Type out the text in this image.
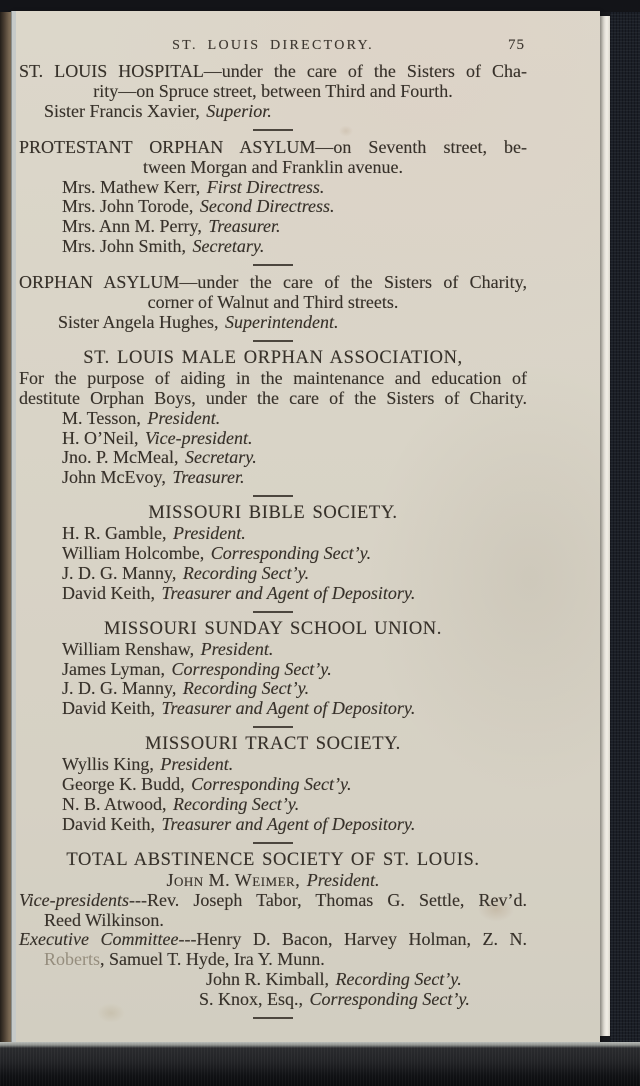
ST. LOUIS DIRECTORY.	75
ST. LOUIS HOSPITAL—under the care of the Sisters of Cha-
rity—on Spruce street, between Third and Fourth.
Sister Francis Xavier, Superior.
PROTESTANT ORPHAN ASYLUM—on Seventh street, be-
tween Morgan and Franklin avenue.
Mrs. Mathew Kerr, First Directress.
Mrs. John Torode, Second Directress.
Mrs. Ann M. Perry, Treasurer.
Mrs. John Smith, Secretary.
ORPHAN ASYLUM—under the care of the Sisters of Charity,
corner of Walnut and Third streets.
Sister Angela Hughes, Superintendent.
ST. LOUIS MALE ORPHAN ASSOCIATION,
For the purpose of aiding in the maintenance and education of
destitute Orphan Boys, under the care of the Sisters of Charity.
M. Tesson, President.
H. O’Neil, Vice-president.
Jno. P. McMeal, Secretary.
John McEvoy, Treasurer.
MISSOURI BIBLE SOCIETY.
H. R. Gamble, President.
William Holcombe, Corresponding Sect’y.
J. D. G. Manny, Recording Sect’y.
David Keith, Treasurer and Agent of Depository.
MISSOURI SUNDAY SCHOOL UNION.
William Renshaw, President.
James Lyman, Corresponding Sect’y.
J. D. G. Manny, Recording Sect’y.
David Keith, Treasurer and Agent of Depository.
MISSOURI TRACT SOCIETY.
Wyllis King, President.
George K. Budd, Corresponding Sect’y.
N. B. Atwood, Recording Sect’y.
David Keith, Treasurer and Agent of Depository.
TOTAL ABSTINENCE SOCIETY OF ST. LOUIS.
John M. Weimer, President.
Vice-presidents---Rev. Joseph Tabor, Thomas G. Settle, Rev’d.
Reed Wilkinson.
Executive Committee---Henry D. Bacon, Harvey Holman, Z. N.
Roberts, Samuel T. Hyde, Ira Y. Munn.
John R. Kimball, Recording Sect’y.
S. Knox, Esq., Corresponding Sect’y.
